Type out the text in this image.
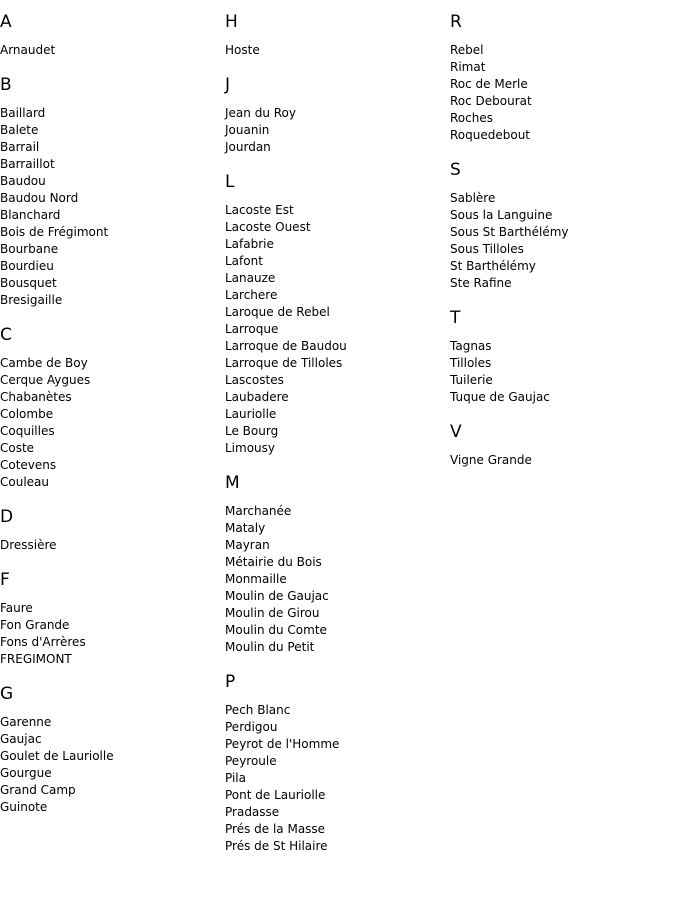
A
Arnaudet
B
Baillard
Balete
Barrail
Barraillot
Baudou
Baudou Nord
Blanchard
Bois de Frégimont
Bourbane
Bourdieu
Bousquet
Bresigaille
C
Cambe de Boy
Cerque Aygues
Chabanètes
Colombe
Coquilles
Coste
Cotevens
Couleau
D
Dressière
F
Faure
Fon Grande
Fons d'Arrères
FREGIMONT
G
Garenne
Gaujac
Goulet de Lauriolle
Gourgue
Grand Camp
Guinote
H
Hoste
J
Jean du Roy
Jouanin
Jourdan
L
Lacoste Est
Lacoste Ouest
Lafabrie
Lafont
Lanauze
Larchere
Laroque de Rebel
Larroque
Larroque de Baudou
Larroque de Tilloles
Lascostes
Laubadere
Lauriolle
Le Bourg
Limousy
M
Marchanée
Mataly
Mayran
Métairie du Bois
Monmaille
Moulin de Gaujac
Moulin de Girou
Moulin du Comte
Moulin du Petit
P
Pech Blanc
Perdigou
Peyrot de l'Homme
Peyroule
Pila
Pont de Lauriolle
Pradasse
Prés de la Masse
Prés de St Hilaire
R
Rebel
Rimat
Roc de Merle
Roc Debourat
Roches
Roquedebout
S
Sablère
Sous la Languine
Sous St Barthélémy
Sous Tilloles
St Barthélémy
Ste Rafine
T
Tagnas
Tilloles
Tuilerie
Tuque de Gaujac
V
Vigne Grande
